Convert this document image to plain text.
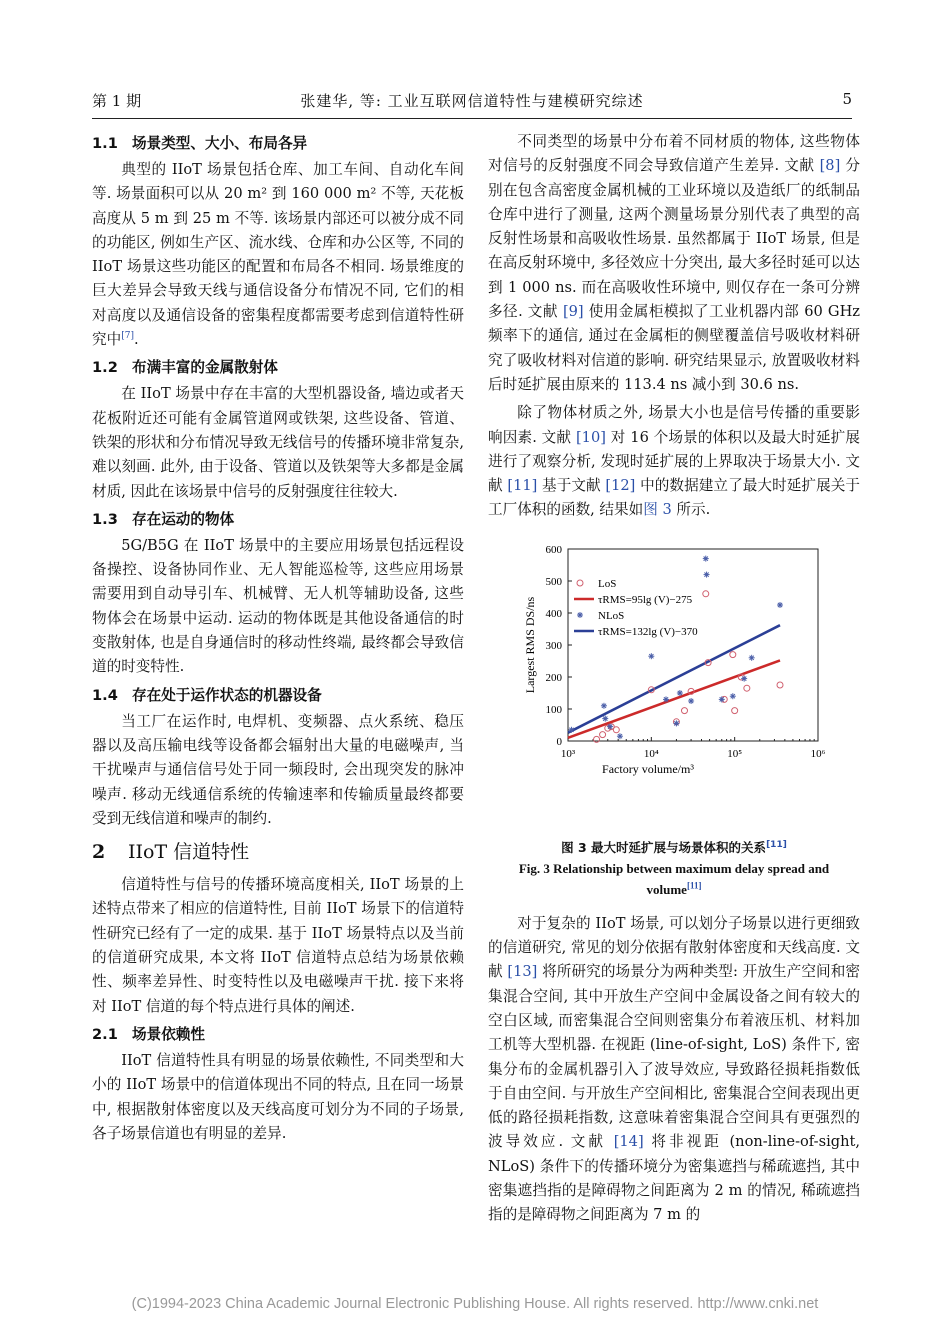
第 1 期	张建华, 等: 工业互联网信道特性与建模研究综述	5
1.1 场景类型、大小、布局各异

典型的 IIoT 场景包括仓库、加工车间、自动化车间等. 场景面积可以从 20 m² 到 160 000 m² 不等, 天花板高度从 5 m 到 25 m 不等. 该场景内部还可以被分成不同的功能区, 例如生产区、流水线、仓库和办公区等, 不同的 IIoT 场景这些功能区的配置和布局各不相同. 场景维度的巨大差异会导致天线与通信设备分布情况不同, 它们的相对高度以及通信设备的密集程度都需要考虑到信道特性研究中[7].

1.2 布满丰富的金属散射体

在 IIoT 场景中存在丰富的大型机器设备, 墙边或者天花板附近还可能有金属管道网或铁架, 这些设备、管道、铁架的形状和分布情况导致无线信号的传播环境非常复杂, 难以刻画. 此外, 由于设备、管道以及铁架等大多都是金属材质, 因此在该场景中信号的反射强度往往较大.

1.3 存在运动的物体

5G/B5G 在 IIoT 场景中的主要应用场景包括远程设备操控、设备协同作业、无人智能巡检等, 这些应用场景需要用到自动导引车、机械臂、无人机等辅助设备, 这些物体会在场景中运动. 运动的物体既是其他设备通信的时变散射体, 也是自身通信时的移动性终端, 最终都会导致信道的时变特性.

1.4 存在处于运作状态的机器设备

当工厂在运作时, 电焊机、变频器、点火系统、稳压器以及高压输电线等设备都会辐射出大量的电磁噪声, 当干扰噪声与通信信号处于同一频段时, 会出现突发的脉冲噪声. 移动无线通信系统的传输速率和传输质量最终都要受到无线信道和噪声的制约.

2 IIoT 信道特性

信道特性与信号的传播环境高度相关, IIoT 场景的上述特点带来了相应的信道特性, 目前 IIoT 场景下的信道特性研究已经有了一定的成果. 基于 IIoT 场景特点以及当前的信道研究成果, 本文将 IIoT 信道特点总结为场景依赖性、频率差异性、时变特性以及电磁噪声干扰. 接下来将对 IIoT 信道的每个特点进行具体的阐述.

2.1 场景依赖性

IIoT 信道特性具有明显的场景依赖性, 不同类型和大小的 IIoT 场景中的信道体现出不同的特点, 且在同一场景中, 根据散射体密度以及天线高度可划分为不同的子场景, 各子场景信道也有明显的差异.

不同类型的场景中分布着不同材质的物体, 这些物体对信号的反射强度不同会导致信道产生差异. 文献 [8] 分别在包含高密度金属机械的工业环境以及造纸厂的纸制品仓库中进行了测量, 这两个测量场景分别代表了典型的高反射性场景和高吸收性场景. 虽然都属于 IIoT 场景, 但是在高反射环境中, 多径效应十分突出, 最大多径时延可以达到 1 000 ns. 而在高吸收性环境中, 则仅存在一条可分辨多径. 文献 [9] 使用金属柜模拟了工业机器内部 60 GHz 频率下的通信, 通过在金属柜的侧壁覆盖信号吸收材料研究了吸收材料对信道的影响. 研究结果显示, 放置吸收材料后时延扩展由原来的 113.4 ns 减小到 30.6 ns.

除了物体材质之外, 场景大小也是信号传播的重要影响因素. 文献 [10] 对 16 个场景的体积以及最大时延扩展进行了观察分析, 发现时延扩展的上界取决于场景大小. 文献 [11] 基于文献 [12] 中的数据建立了最大时延扩展关于工厂体积的函数, 结果如图 3 所示.

0
100
200
300
400
500
600
10³	10⁴	10⁵	10⁶
LoS
τRMS=95lg (V)−275
NLoS
τRMS=132lg (V)−370
Factory volume/m³
Largest RMS DS/ns
图 3 最大时延扩展与场景体积的关系[11]
Fig. 3 Relationship between maximum delay spread and
volume[11]

对于复杂的 IIoT 场景, 可以划分子场景以进行更细致的信道研究, 常见的划分依据有散射体密度和天线高度. 文献 [13] 将所研究的场景分为两种类型: 开放生产空间和密集混合空间, 其中开放生产空间中金属设备之间有较大的空白区域, 而密集混合空间则密集分布着液压机、材料加工机等大型机器. 在视距 (line-of-sight, LoS) 条件下, 密集分布的金属机器引入了波导效应, 导致路径损耗指数低于自由空间. 与开放生产空间相比, 密集混合空间表现出更低的路径损耗指数, 这意味着密集混合空间具有更强烈的波导效应. 文献 [14] 将非视距 (non-line-of-sight, NLoS) 条件下的传播环境分为密集遮挡与稀疏遮挡, 其中密集遮挡指的是障碍物之间距离为 2 m 的情况, 稀疏遮挡指的是障碍物之间距离为 7 m 的

(C)1994-2023 China Academic Journal Electronic Publishing House. All rights reserved. http://www.cnki.net
